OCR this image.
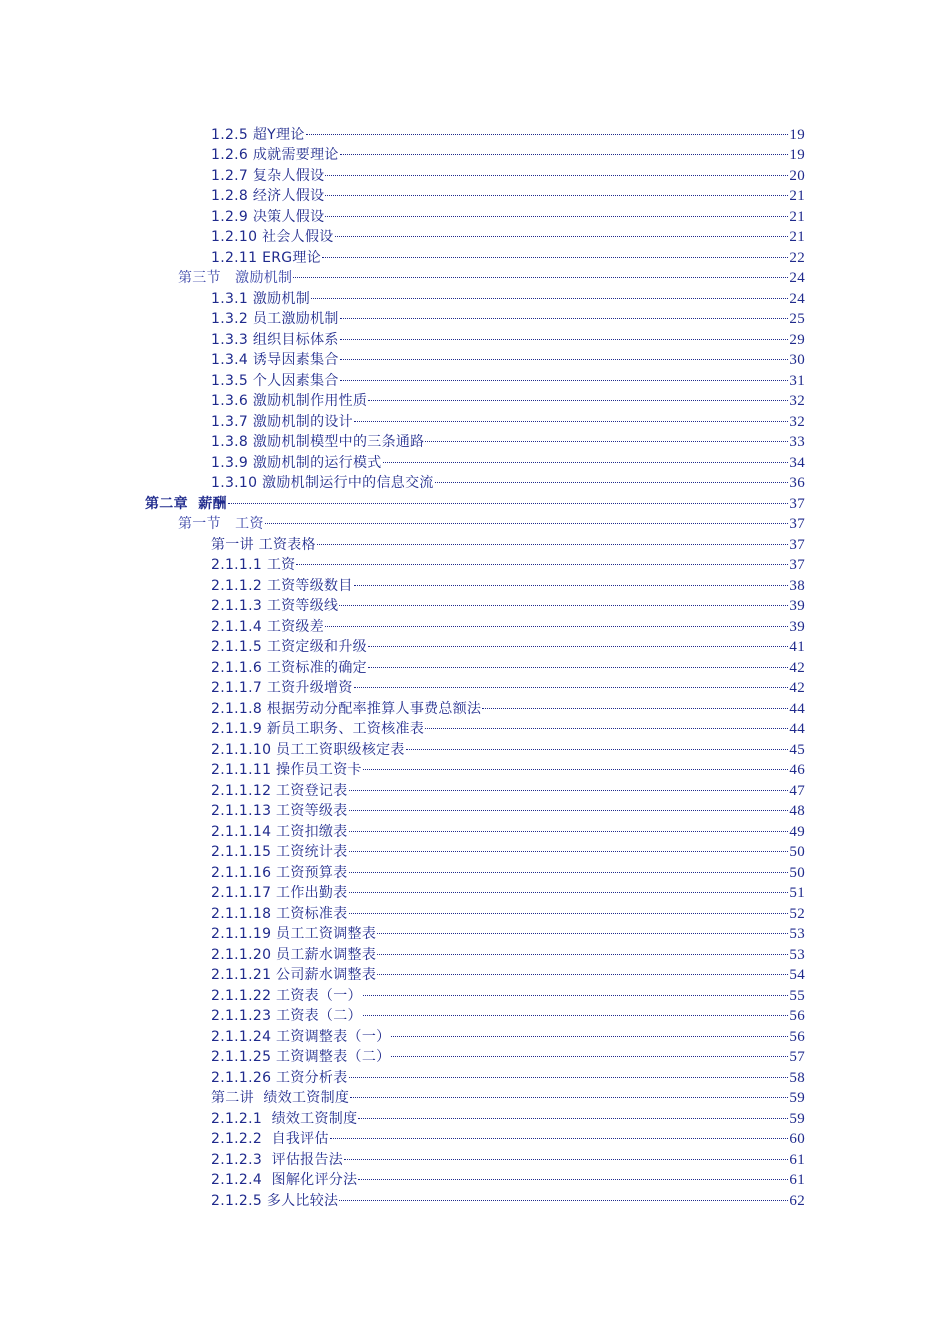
1.2.5 超Y理论	19
1.2.6 成就需要理论	19
1.2.7 复杂人假设	20
1.2.8 经济人假设	21
1.2.9 决策人假设	21
1.2.10 社会人假设	21
1.2.11 ERG理论	22
第三节   激励机制	24
1.3.1 激励机制	24
1.3.2 员工激励机制	25
1.3.3 组织目标体系	29
1.3.4 诱导因素集合	30
1.3.5 个人因素集合	31
1.3.6 激励机制作用性质	32
1.3.7 激励机制的设计	32
1.3.8 激励机制模型中的三条通路	33
1.3.9 激励机制的运行模式	34
1.3.10 激励机制运行中的信息交流	36
第二章  薪酬	37
第一节   工资	37
第一讲 工资表格	37
2.1.1.1 工资	37
2.1.1.2 工资等级数目	38
2.1.1.3 工资等级线	39
2.1.1.4 工资级差	39
2.1.1.5 工资定级和升级	41
2.1.1.6 工资标准的确定	42
2.1.1.7 工资升级增资	42
2.1.1.8 根据劳动分配率推算人事费总额法	44
2.1.1.9 新员工职务、工资核准表	44
2.1.1.10 员工工资职级核定表	45
2.1.1.11 操作员工资卡	46
2.1.1.12 工资登记表	47
2.1.1.13 工资等级表	48
2.1.1.14 工资扣缴表	49
2.1.1.15 工资统计表	50
2.1.1.16 工资预算表	50
2.1.1.17 工作出勤表	51
2.1.1.18 工资标准表	52
2.1.1.19 员工工资调整表	53
2.1.1.20 员工薪水调整表	53
2.1.1.21 公司薪水调整表	54
2.1.1.22 工资表（一）	55
2.1.1.23 工资表（二）	56
2.1.1.24 工资调整表（一）	56
2.1.1.25 工资调整表（二）	57
2.1.1.26 工资分析表	58
第二讲  绩效工资制度	59
2.1.2.1  绩效工资制度	59
2.1.2.2  自我评估	60
2.1.2.3  评估报告法	61
2.1.2.4  图解化评分法	61
2.1.2.5 多人比较法	62
